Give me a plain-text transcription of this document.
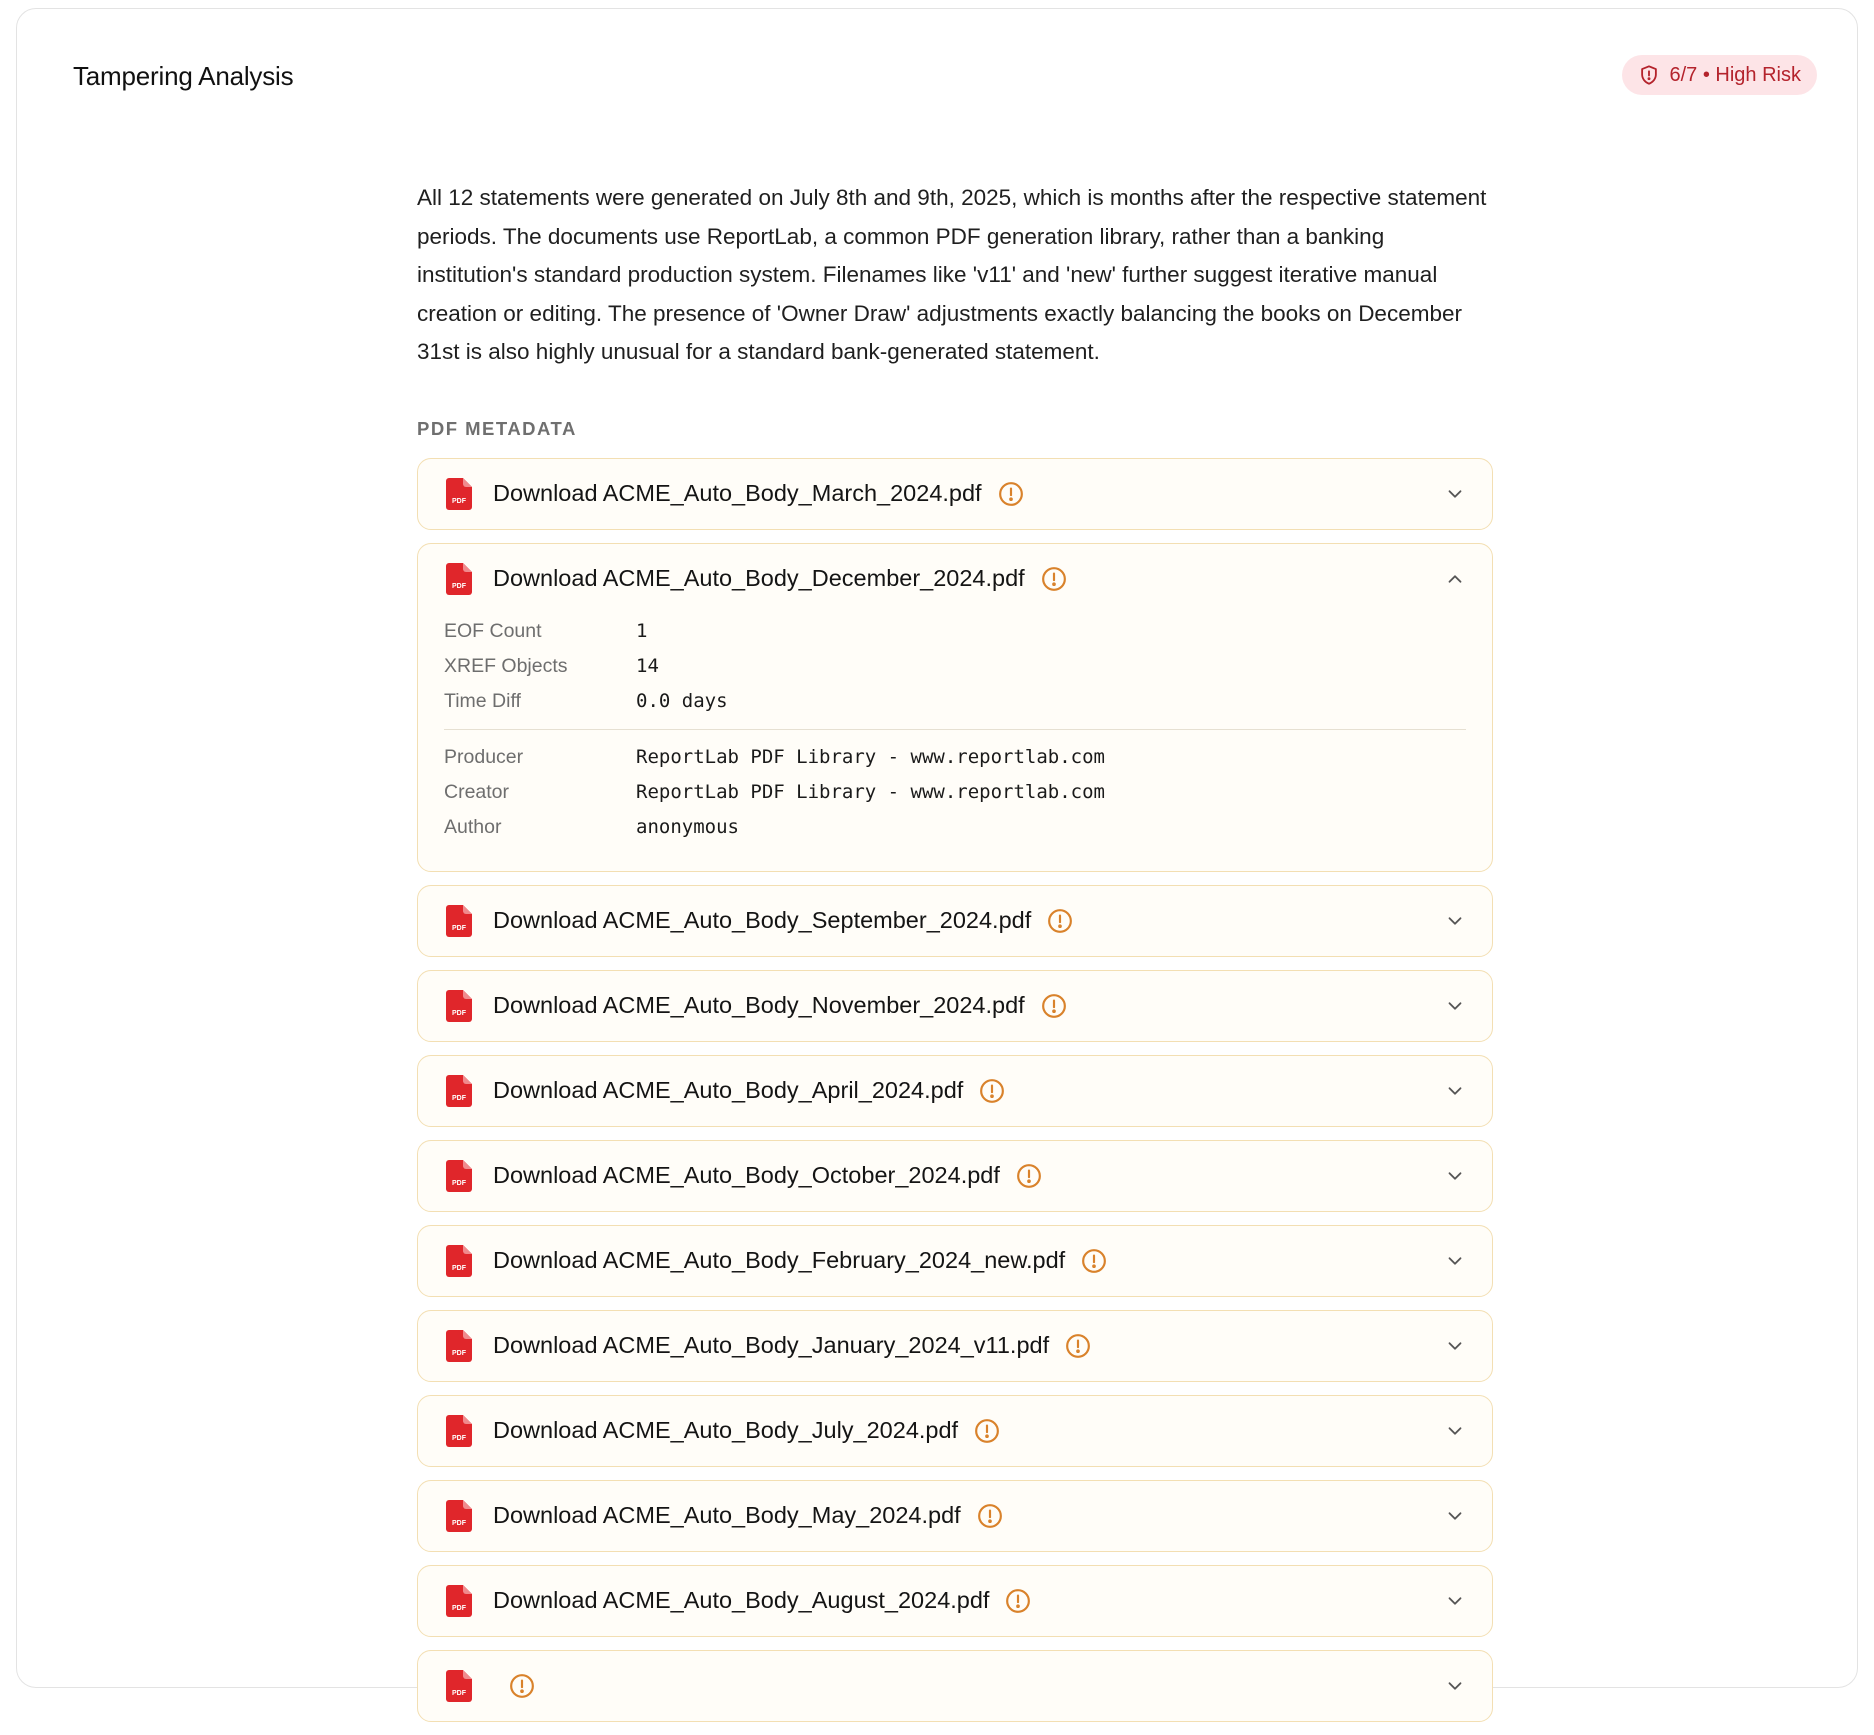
Tampering Analysis	6/7 • High Risk

All 12 statements were generated on July 8th and 9th, 2025, which is months after the respective statement periods. The documents use ReportLab, a common PDF generation library, rather than a banking institution's standard production system. Filenames like 'v11' and 'new' further suggest iterative manual creation or editing. The presence of 'Owner Draw' adjustments exactly balancing the books on December 31st is also highly unusual for a standard bank-generated statement.

PDF METADATA
PDF Download ACME_Auto_Body_March_2024.pdf
PDF Download ACME_Auto_Body_December_2024.pdf
EOF Count	1
XREF Objects	14
Time Diff	0.0 days
Producer	ReportLab PDF Library - www.reportlab.com
Creator	ReportLab PDF Library - www.reportlab.com
Author	anonymous
PDF Download ACME_Auto_Body_September_2024.pdf
PDF Download ACME_Auto_Body_November_2024.pdf
PDF Download ACME_Auto_Body_April_2024.pdf
PDF Download ACME_Auto_Body_October_2024.pdf
PDF Download ACME_Auto_Body_February_2024_new.pdf
PDF Download ACME_Auto_Body_January_2024_v11.pdf
PDF Download ACME_Auto_Body_July_2024.pdf
PDF Download ACME_Auto_Body_May_2024.pdf
PDF Download ACME_Auto_Body_August_2024.pdf
PDF
